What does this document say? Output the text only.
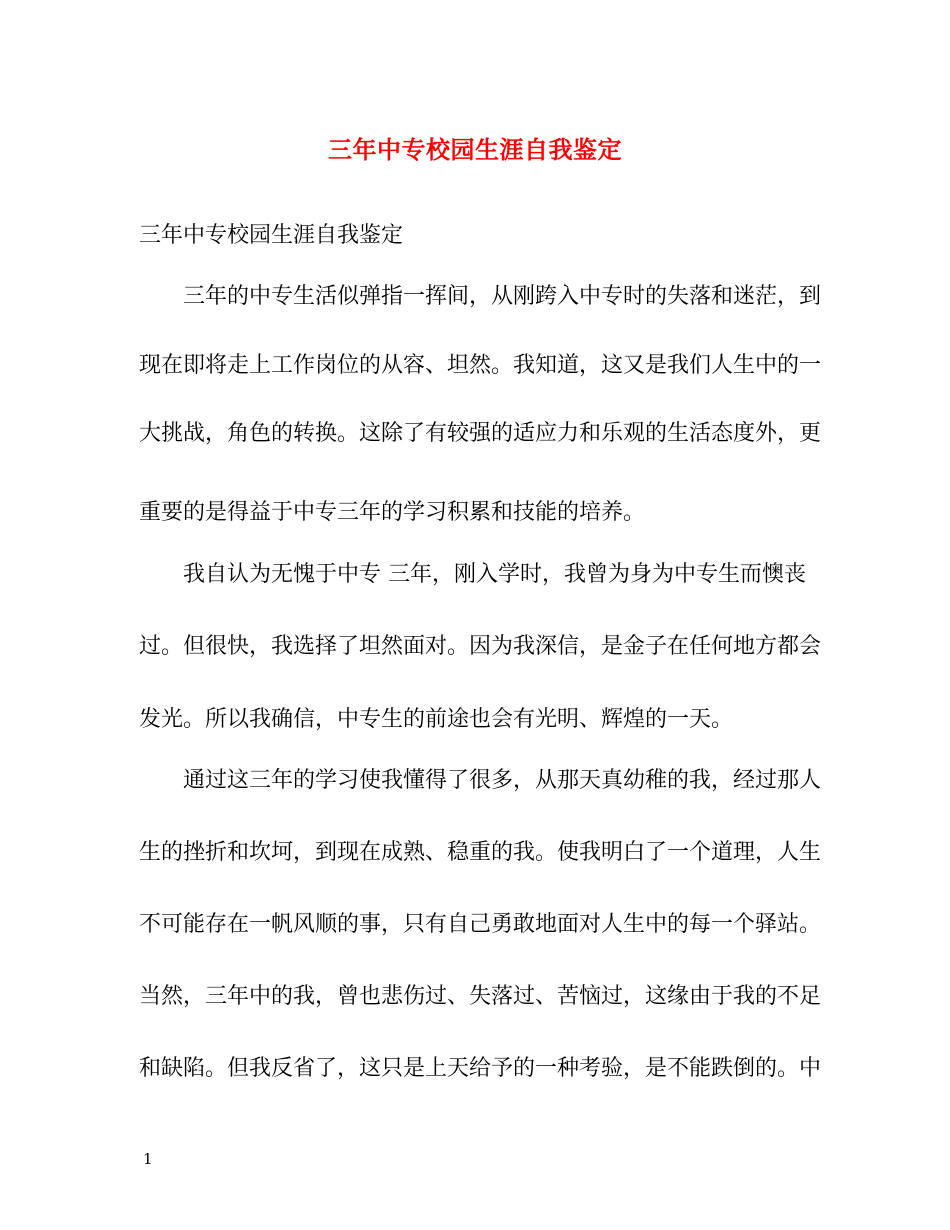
三年中专校园生涯自我鉴定
三年中专校园生涯自我鉴定
三年的中专生活似弹指一挥间，从刚跨入中专时的失落和迷茫，到
现在即将走上工作岗位的从容、坦然。我知道，这又是我们人生中的一
大挑战，角色的转换。这除了有较强的适应力和乐观的生活态度外，更
重要的是得益于中专三年的学习积累和技能的培养。
我自认为无愧于中专 三年，刚入学时，我曾为身为中专生而懊丧
过。但很快，我选择了坦然面对。因为我深信，是金子在任何地方都会
发光。所以我确信，中专生的前途也会有光明、辉煌的一天。
通过这三年的学习使我懂得了很多，从那天真幼稚的我，经过那人
生的挫折和坎坷，到现在成熟、稳重的我。使我明白了一个道理，人生
不可能存在一帆风顺的事，只有自己勇敢地面对人生中的每一个驿站。
当然，三年中的我，曾也悲伤过、失落过、苦恼过，这缘由于我的不足
和缺陷。但我反省了，这只是上天给予的一种考验，是不能跌倒的。中
1
